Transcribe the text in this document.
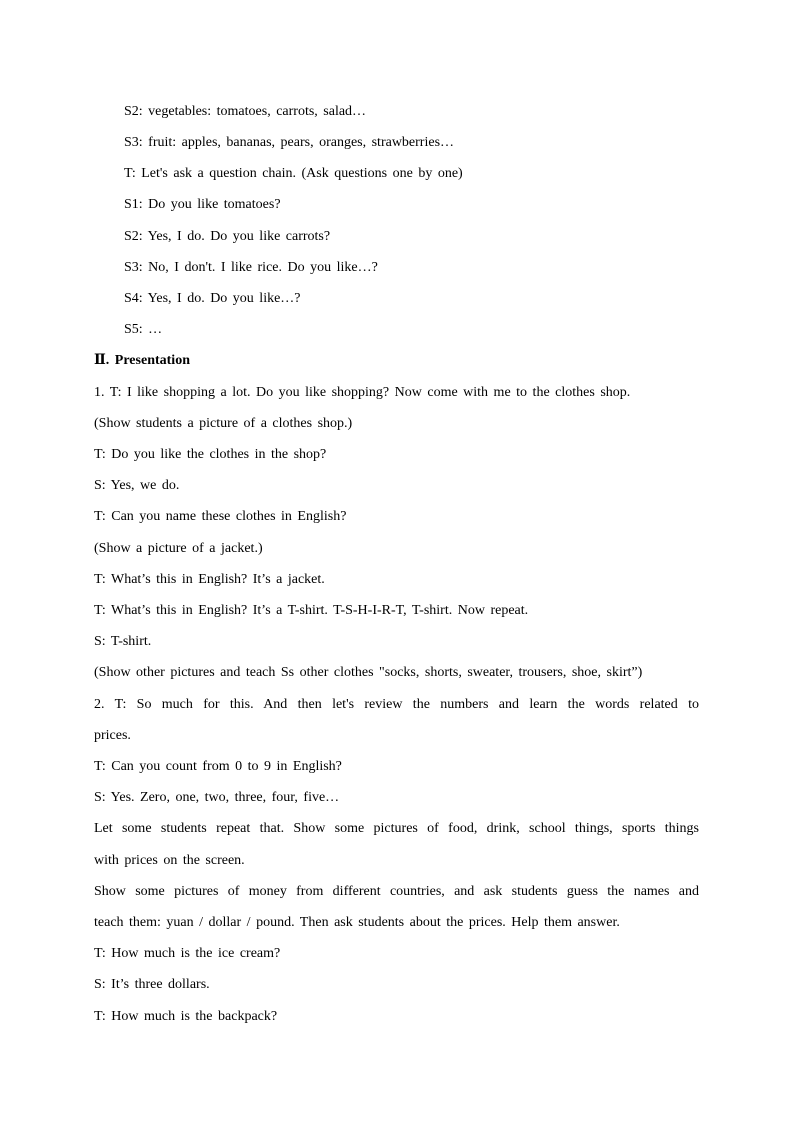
S2: vegetables: tomatoes, carrots, salad…
S3: fruit: apples, bananas, pears, oranges, strawberries…
T: Let's ask a question chain. (Ask questions one by one)
S1: Do you like tomatoes?
S2: Yes, I do. Do you like carrots?
S3: No, I don't. I like rice. Do you like…?
S4: Yes, I do. Do you like…?
S5: …
Ⅱ. Presentation
1. T: I like shopping a lot. Do you like shopping? Now come with me to the clothes shop.
(Show students a picture of a clothes shop.)
T: Do you like the clothes in the shop?
S: Yes, we do.
T: Can you name these clothes in English?
(Show a picture of a jacket.)
T: What’s this in English? It’s a jacket.
T: What’s this in English? It’s a T-shirt. T-S-H-I-R-T, T-shirt. Now repeat.
S: T-shirt.
(Show other pictures and teach Ss other clothes "socks, shorts, sweater, trousers, shoe, skirt”)
2. T: So much for this. And then let's review the numbers and learn the words related to
prices.
T: Can you count from 0 to 9 in English?
S: Yes. Zero, one, two, three, four, five…
Let some students repeat that. Show some pictures of food, drink, school things, sports things
with prices on the screen.
Show some pictures of money from different countries, and ask students guess the names and
teach them: yuan / dollar / pound. Then ask students about the prices. Help them answer.
T: How much is the ice cream?
S: It’s three dollars.
T: How much is the backpack?
